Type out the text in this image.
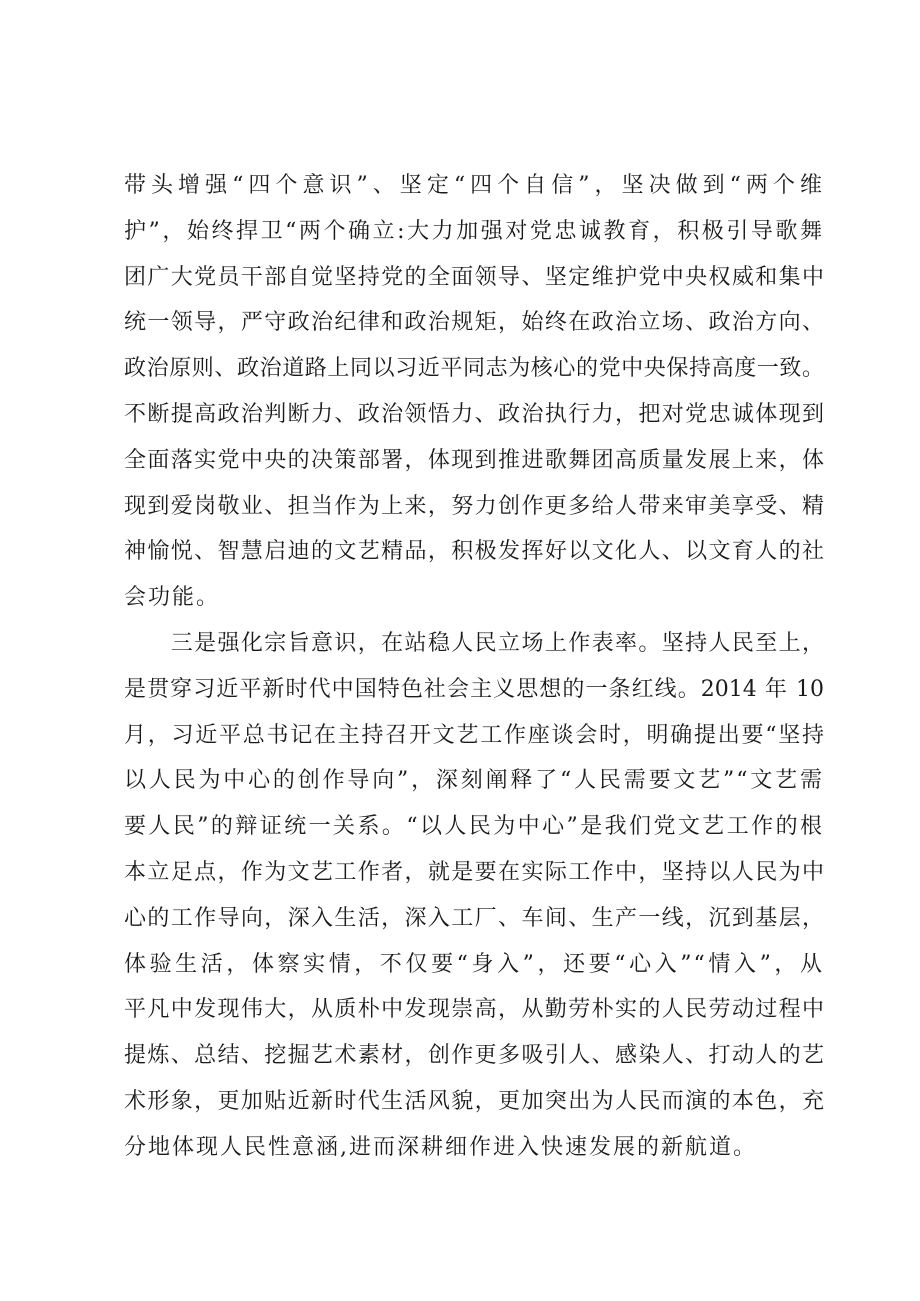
带头增强“四个意识”、坚定“四个自信”，坚决做到“两个维
护”，始终捍卫“两个确立:大力加强对党忠诚教育，积极引导歌舞
团广大党员干部自觉坚持党的全面领导、坚定维护党中央权威和集中
统一领导，严守政治纪律和政治规矩，始终在政治立场、政治方向、
政治原则、政治道路上同以习近平同志为核心的党中央保持高度一致。
不断提高政治判断力、政治领悟力、政治执行力，把对党忠诚体现到
全面落实党中央的决策部署，体现到推进歌舞团高质量发展上来，体
现到爱岗敬业、担当作为上来，努力创作更多给人带来审美享受、精
神愉悦、智慧启迪的文艺精品，积极发挥好以文化人、以文育人的社
会功能。
　　三是强化宗旨意识，在站稳人民立场上作表率。坚持人民至上，
是贯穿习近平新时代中国特色社会主义思想的一条红线。2014 年 10
月，习近平总书记在主持召开文艺工作座谈会时，明确提出要“坚持
以人民为中心的创作导向”，深刻阐释了“人民需要文艺”“文艺需
要人民”的辩证统一关系。“以人民为中心”是我们党文艺工作的根
本立足点，作为文艺工作者，就是要在实际工作中，坚持以人民为中
心的工作导向，深入生活，深入工厂、车间、生产一线，沉到基层，
体验生活，体察实情，不仅要“身入”，还要“心入”“情入”，从
平凡中发现伟大，从质朴中发现崇高，从勤劳朴实的人民劳动过程中
提炼、总结、挖掘艺术素材，创作更多吸引人、感染人、打动人的艺
术形象，更加贴近新时代生活风貌，更加突出为人民而演的本色，充
分地体现人民性意涵,进而深耕细作进入快速发展的新航道。
